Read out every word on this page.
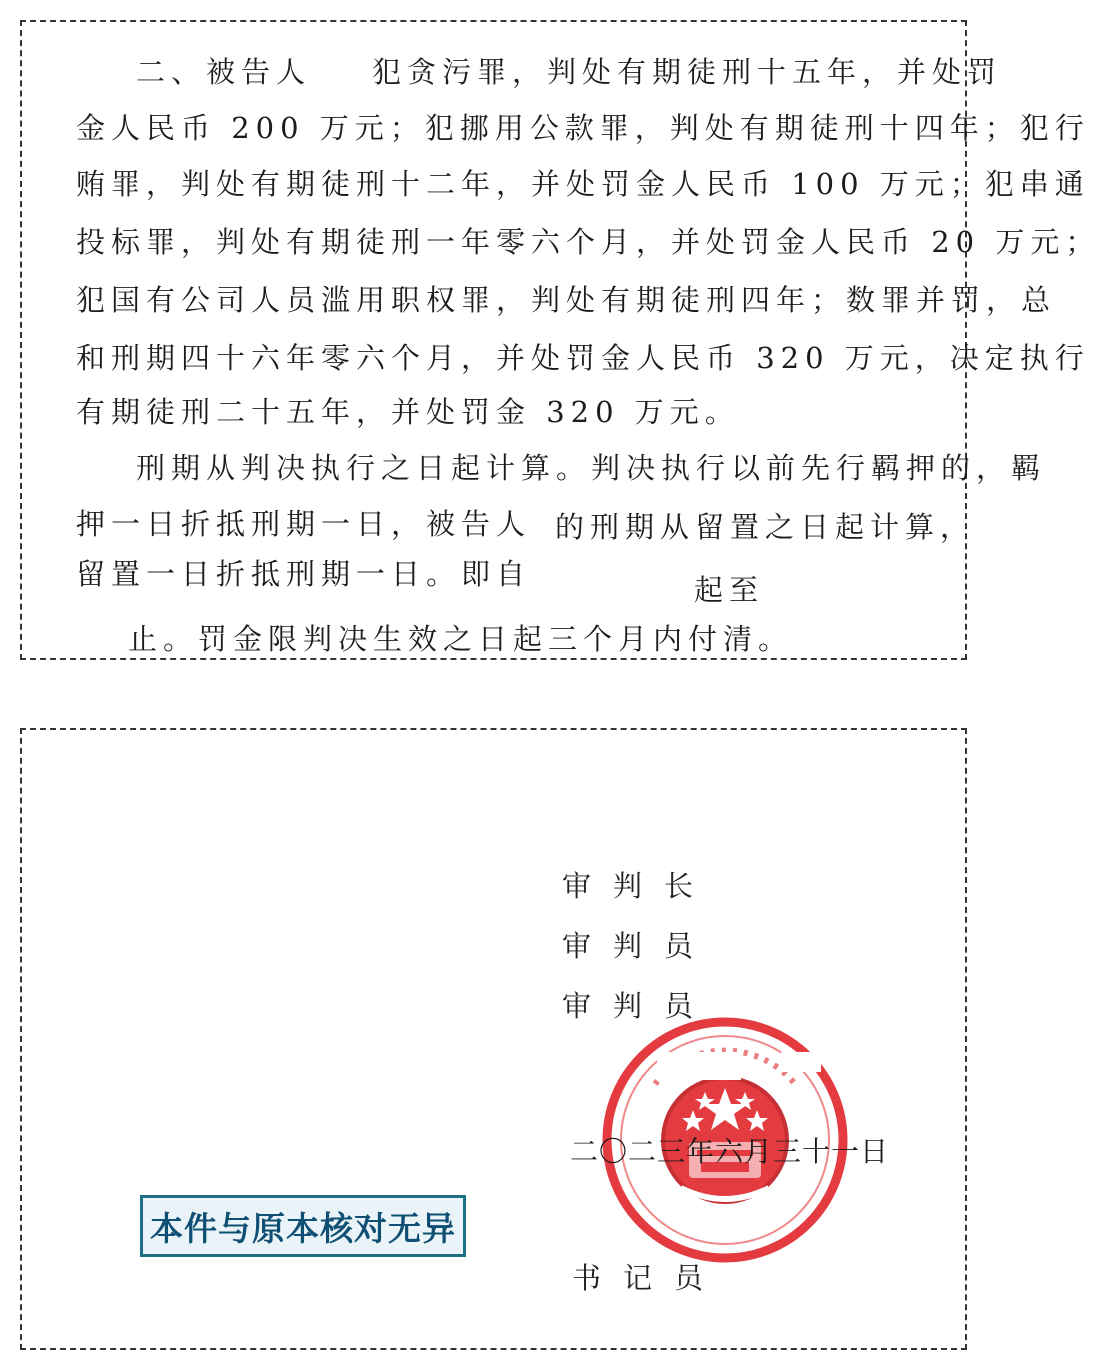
二、被告人 犯贪污罪，判处有期徒刑十五年，并处罚
金人民币 200 万元；犯挪用公款罪，判处有期徒刑十四年；犯行
贿罪，判处有期徒刑十二年，并处罚金人民币 100 万元；犯串通
投标罪，判处有期徒刑一年零六个月，并处罚金人民币 20 万元；
犯国有公司人员滥用职权罪，判处有期徒刑四年；数罪并罚，总
和刑期四十六年零六个月，并处罚金人民币 320 万元，决定执行
有期徒刑二十五年，并处罚金 320 万元。
刑期从判决执行之日起计算。判决执行以前先行羁押的，羁
押一日折抵刑期一日，被告人 的刑期从留置之日起计算，
留置一日折抵刑期一日。即自	起至
止。罚金限判决生效之日起三个月内付清。
审判长
审判员
审判员
二〇二三年六月三十一日
本件与原本核对无异
书记员
